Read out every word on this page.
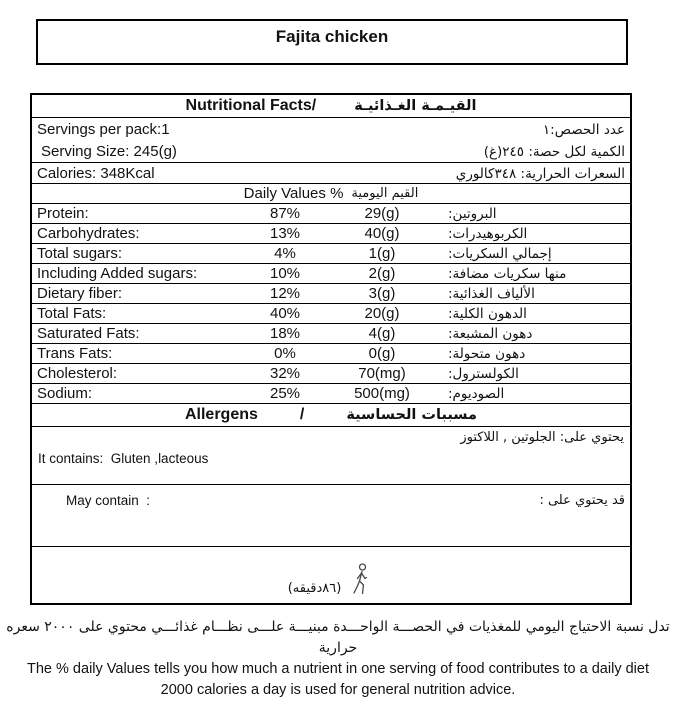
Fajita chicken
Nutritional Facts/	القيـمـة الغـذائيـة
Servings per pack:1	عدد الحصص:١
Serving Size: 245(g)	الكمية لكل حصة: ٢٤٥(غ)
Calories: 348Kcal	السعرات الحرارية: ٣٤٨كالوري
Daily Values % القيم اليومية
Protein:	87%	29(g)	البروتين:
Carbohydrates:	13%	40(g)	الكربوهيدرات:
Total sugars:	4%	1(g)	إجمالي السكريات:
Including Added sugars:	10%	2(g)	منها سكريات مضافة:
Dietary fiber:	12%	3(g)	الألياف الغذائية:
Total Fats:	40%	20(g)	الدهون الكلية:
Saturated Fats:	18%	4(g)	دهون المشبعة:
Trans Fats:	0%	0(g)	دهون متحولة:
Cholesterol:	32%	70(mg)	الكولسترول:
Sodium:	25%	500(mg)	الصوديوم:
Allergens	/	مسببات الحساسية
يحتوي على: الجلوتين , اللاكتوز
It contains:  Gluten ,lacteous
May contain  :	قد يحتوي على :
(٨٦دقيقه)
تدل نسبة الاحتياج اليومي للمغذيات في الحصـــة الواحـــدة مبنيـــة علـــى نظـــام غذائـــي محتوي على ٢٠٠٠ سعره حرارية
The % daily Values tells you how much a nutrient in one serving of food contributes to a daily diet
2000 calories a day is used for general nutrition advice.
